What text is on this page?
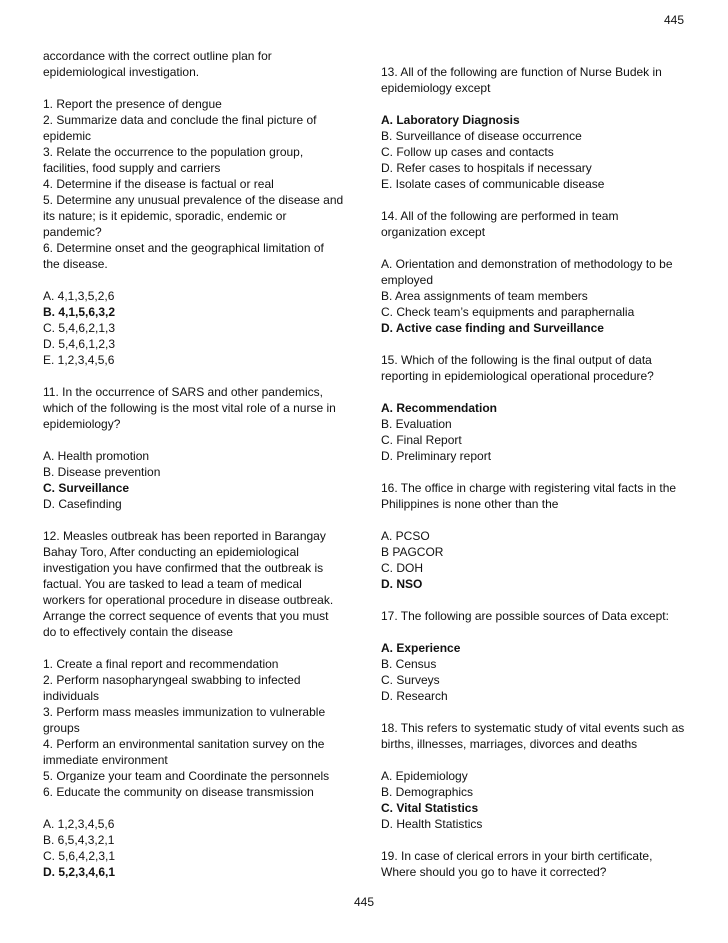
445
accordance with the correct outline plan for
epidemiological investigation.
1. Report the presence of dengue
2. Summarize data and conclude the final picture of
epidemic
3. Relate the occurrence to the population group,
facilities, food supply and carriers
4. Determine if the disease is factual or real
5. Determine any unusual prevalence of the disease and
its nature; is it epidemic, sporadic, endemic or
pandemic?
6. Determine onset and the geographical limitation of
the disease.
A. 4,1,3,5,2,6
B. 4,1,5,6,3,2
C. 5,4,6,2,1,3
D. 5,4,6,1,2,3
E. 1,2,3,4,5,6
11. In the occurrence of SARS and other pandemics,
which of the following is the most vital role of a nurse in
epidemiology?
A. Health promotion
B. Disease prevention
C. Surveillance
D. Casefinding
12. Measles outbreak has been reported in Barangay
Bahay Toro, After conducting an epidemiological
investigation you have confirmed that the outbreak is
factual. You are tasked to lead a team of medical
workers for operational procedure in disease outbreak.
Arrange the correct sequence of events that you must
do to effectively contain the disease
1. Create a final report and recommendation
2. Perform nasopharyngeal swabbing to infected
individuals
3. Perform mass measles immunization to vulnerable
groups
4. Perform an environmental sanitation survey on the
immediate environment
5. Organize your team and Coordinate the personnels
6. Educate the community on disease transmission
A. 1,2,3,4,5,6
B. 6,5,4,3,2,1
C. 5,6,4,2,3,1
D. 5,2,3,4,6,1
13. All of the following are function of Nurse Budek in
epidemiology except
A. Laboratory Diagnosis
B. Surveillance of disease occurrence
C. Follow up cases and contacts
D. Refer cases to hospitals if necessary
E. Isolate cases of communicable disease
14. All of the following are performed in team
organization except
A. Orientation and demonstration of methodology to be
employed
B. Area assignments of team members
C. Check team’s equipments and paraphernalia
D. Active case finding and Surveillance
15. Which of the following is the final output of data
reporting in epidemiological operational procedure?
A. Recommendation
B. Evaluation
C. Final Report
D. Preliminary report
16. The office in charge with registering vital facts in the
Philippines is none other than the
A. PCSO
B PAGCOR
C. DOH
D. NSO
17. The following are possible sources of Data except:
A. Experience
B. Census
C. Surveys
D. Research
18. This refers to systematic study of vital events such as
births, illnesses, marriages, divorces and deaths
A. Epidemiology
B. Demographics
C. Vital Statistics
D. Health Statistics
19. In case of clerical errors in your birth certificate,
Where should you go to have it corrected?
445
